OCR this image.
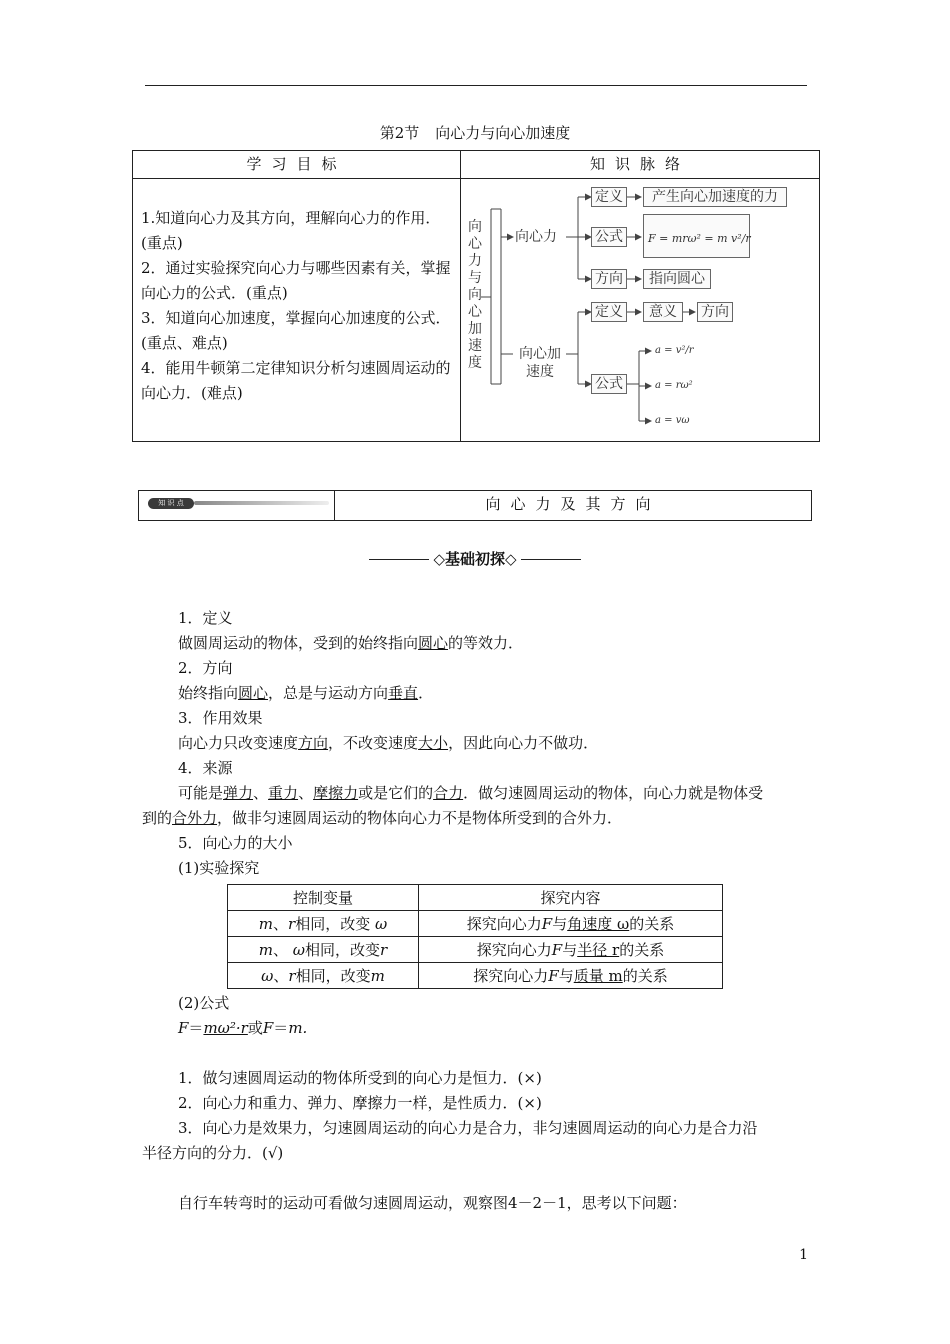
第2节 向心力与向心加速度
学习目标	知识脉络
1.知道向心力及其方向，理解向心力的作用．(重点)
2．通过实验探究向心力与哪些因素有关，掌握向心力的公式．(重点)
3．知道向心加速度，掌握向心加速度的公式．(重点、难点)
4．能用牛顿第二定律知识分析匀速圆周运动的向心力．(难点)
向心力与向心加速度
向心力
定义	产生向心加速度的力
公式	F = mrω² = m v²/r
方向	指向圆心
向心加速度
定义	意义	方向
公式
a = v²/r
a = rω²
a = vω
知 识 点	向心力及其方向
◇基础初探◇
1．定义
做圆周运动的物体，受到的始终指向圆心的等效力．
2．方向
始终指向圆心，总是与运动方向垂直．
3．作用效果
向心力只改变速度方向，不改变速度大小，因此向心力不做功．
4．来源
可能是弹力、重力、摩擦力或是它们的合力．做匀速圆周运动的物体，向心力就是物体受
到的合外力，做非匀速圆周运动的物体向心力不是物体所受到的合外力．
5．向心力的大小
(1)实验探究
控制变量	探究内容
m、r相同，改变 ω	探究向心力F与角速度 ω的关系
m、 ω相同，改变r	探究向心力F与半径 r的关系
ω、r相同，改变m	探究向心力F与质量 m的关系
(2)公式
F＝mω²·r或F＝m.
1．做匀速圆周运动的物体所受到的向心力是恒力．(×)
2．向心力和重力、弹力、摩擦力一样，是性质力．(×)
3．向心力是效果力，匀速圆周运动的向心力是合力，非匀速圆周运动的向心力是合力沿
半径方向的分力．(√)
自行车转弯时的运动可看做匀速圆周运动，观察图4－2－1，思考以下问题：
1
